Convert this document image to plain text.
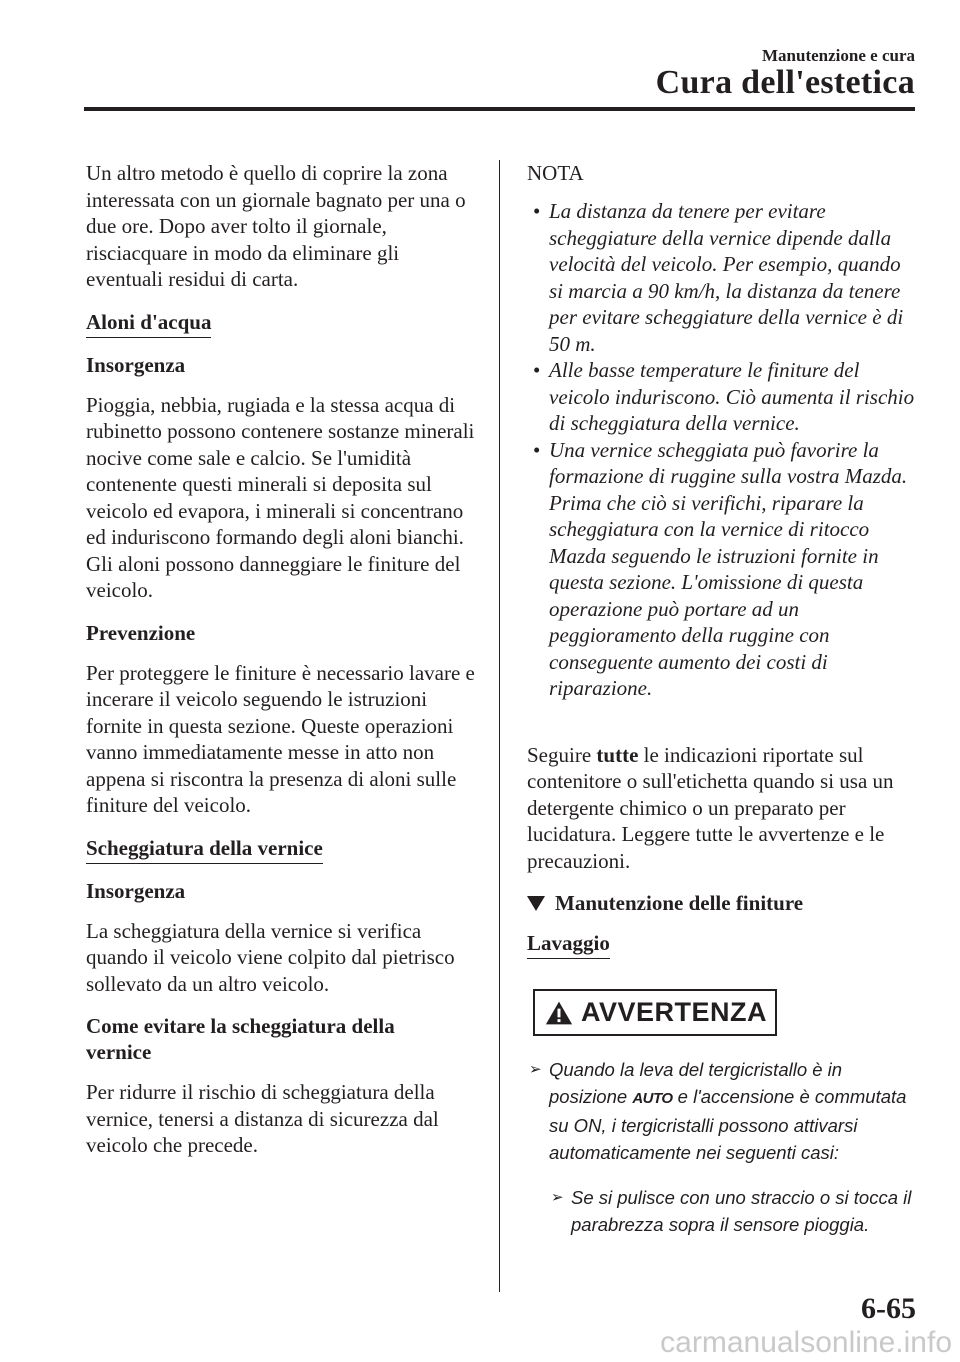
Manutenzione e cura
Cura dell'estetica

Un altro metodo è quello di coprire la zona interessata con un giornale bagnato per una o due ore. Dopo aver tolto il giornale, risciacquare in modo da eliminare gli eventuali residui di carta.

Aloni d'acqua
Insorgenza

Pioggia, nebbia, rugiada e la stessa acqua di rubinetto possono contenere sostanze minerali nocive come sale e calcio. Se l'umidità contenente questi minerali si deposita sul veicolo ed evapora, i minerali si concentrano ed induriscono formando degli aloni bianchi. Gli aloni possono danneggiare le finiture del veicolo.

Prevenzione

Per proteggere le finiture è necessario lavare e incerare il veicolo seguendo le istruzioni fornite in questa sezione. Queste operazioni vanno immediatamente messe in atto non appena si riscontra la presenza di aloni sulle finiture del veicolo.

Scheggiatura della vernice
Insorgenza

La scheggiatura della vernice si verifica quando il veicolo viene colpito dal pietrisco sollevato da un altro veicolo.

Come evitare la scheggiatura della vernice

Per ridurre il rischio di scheggiatura della vernice, tenersi a distanza di sicurezza dal veicolo che precede.

NOTA
• La distanza da tenere per evitare scheggiature della vernice dipende dalla velocità del veicolo. Per esempio, quando si marcia a 90 km/h, la distanza da tenere per evitare scheggiature della vernice è di 50 m.
• Alle basse temperature le finiture del veicolo induriscono. Ciò aumenta il rischio di scheggiatura della vernice.
• Una vernice scheggiata può favorire la formazione di ruggine sulla vostra Mazda. Prima che ciò si verifichi, riparare la scheggiatura con la vernice di ritocco Mazda seguendo le istruzioni fornite in questa sezione. L'omissione di questa operazione può portare ad un peggioramento della ruggine con conseguente aumento dei costi di riparazione.

Seguire tutte le indicazioni riportate sul contenitore o sull'etichetta quando si usa un detergente chimico o un preparato per lucidatura. Leggere tutte le avvertenze e le precauzioni.

Manutenzione delle finiture
Lavaggio

AVVERTENZA
➢ Quando la leva del tergicristallo è in posizione AUTO e l'accensione è commutata su ON, i tergicristalli possono attivarsi automaticamente nei seguenti casi:
➢ Se si pulisce con uno straccio o si tocca il parabrezza sopra il sensore pioggia.
6-65
carmanualsonline.info
